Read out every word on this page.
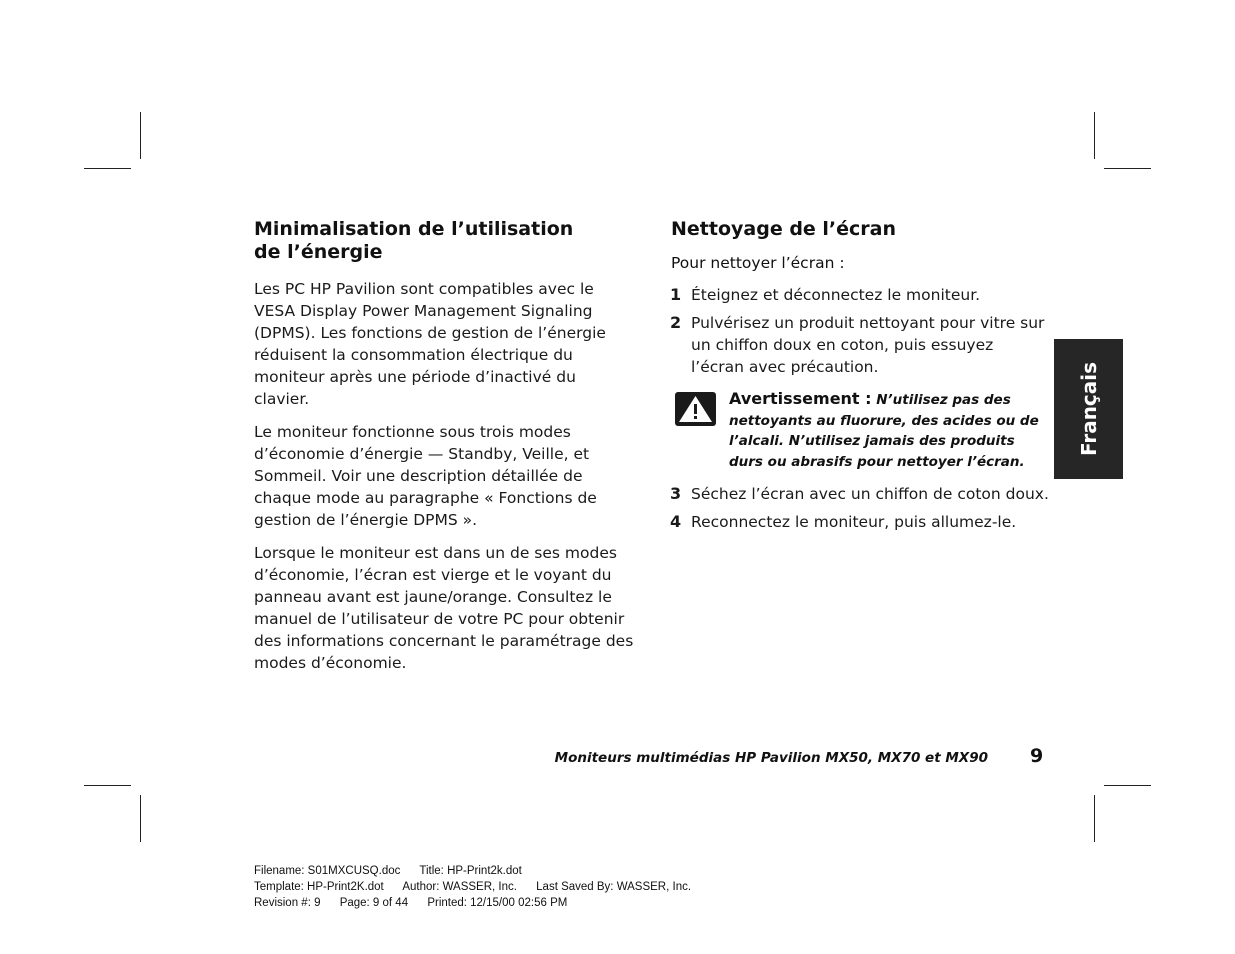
Minimalisation de l’utilisation de l’énergie

Les PC HP Pavilion sont compatibles avec le VESA Display Power Management Signaling (DPMS). Les fonctions de gestion de l’énergie réduisent la consommation électrique du moniteur après une période d’inactivé du clavier.

Le moniteur fonctionne sous trois modes d’économie d’énergie — Standby, Veille, et Sommeil. Voir une description détaillée de chaque mode au paragraphe « Fonctions de gestion de l’énergie DPMS ».

Lorsque le moniteur est dans un de ses modes d’économie, l’écran est vierge et le voyant du panneau avant est jaune/orange. Consultez le manuel de l’utilisateur de votre PC pour obtenir des informations concernant le paramétrage des modes d’économie.

Nettoyage de l’écran
Pour nettoyer l’écran :
1 Éteignez et déconnectez le moniteur.
2 Pulvérisez un produit nettoyant pour vitre sur un chiffon doux en coton, puis essuyez l’écran avec précaution.
Avertissement : N’utilisez pas des nettoyants au fluorure, des acides ou de l’alcali. N’utilisez jamais des produits durs ou abrasifs pour nettoyer l’écran.
3 Séchez l’écran avec un chiffon de coton doux.
4 Reconnectez le moniteur, puis allumez-le.
Français
Moniteurs multimédias HP Pavilion MX50, MX70 et MX90 9
Filename: S01MXCUSQ.doc Title: HP-Print2k.dot
Template: HP-Print2K.dot Author: WASSER, Inc. Last Saved By: WASSER, Inc.
Revision #: 9 Page: 9 of 44 Printed: 12/15/00 02:56 PM
